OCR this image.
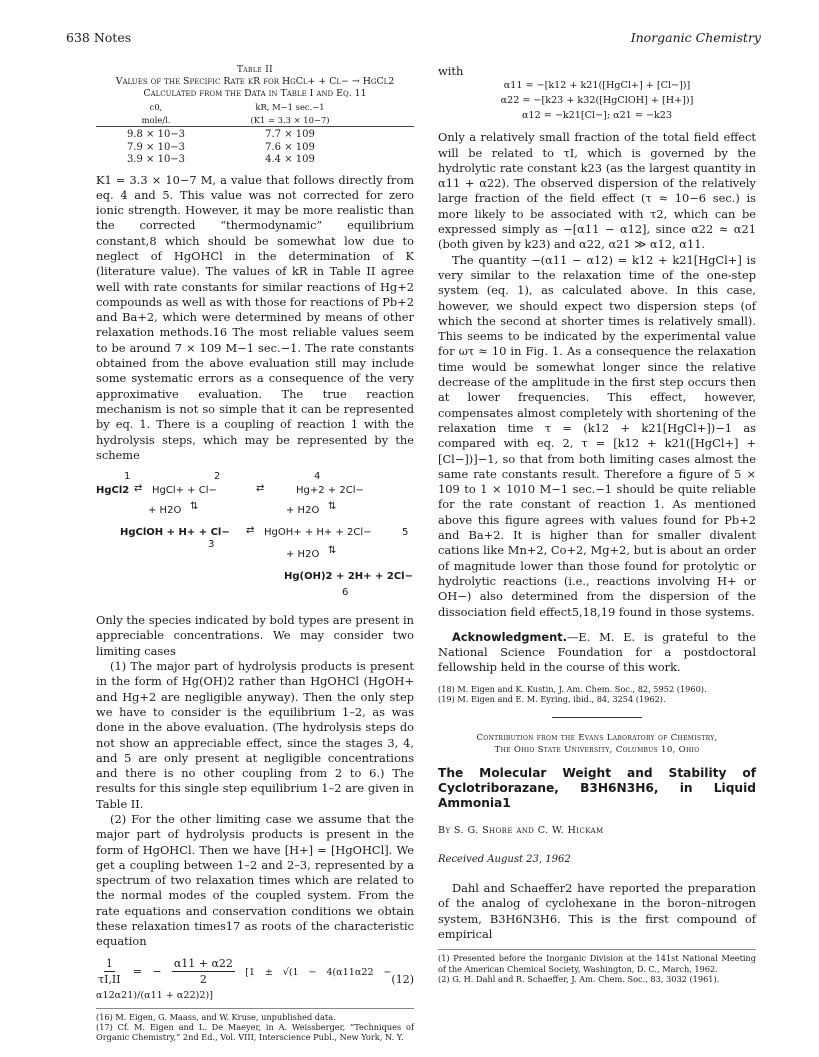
638 Notes	Inorganic Chemistry
Table II
Values of the Specific Rate kR for HgCl+ + Cl− → HgCl2
Calculated from the Data in Table I and Eq. 11
c0,	kR, M−1 sec.−1
mole/l.	(K1 = 3.3 × 10−7)
9.8 × 10−3	7.7 × 109
7.9 × 10−3	7.6 × 109
3.9 × 10−3	4.4 × 109

K1 = 3.3 × 10−7 M, a value that follows directly from eq. 4 and 5. This value was not corrected for zero ionic strength. However, it may be more realistic than the corrected “thermodynamic” equilibrium constant,8 which should be somewhat low due to neglect of HgOHCl in the determination of K (literature value). The values of kR in Table II agree well with rate constants for similar reactions of Hg+2 compounds as well as with those for reactions of Pb+2 and Ba+2, which were determined by means of other relaxation methods.16 The most reliable values seem to be around 7 × 109 M−1 sec.−1. The rate constants obtained from the above evaluation still may include some systematic errors as a consequence of the very approximative evaluation. The true reaction mechanism is not so simple that it can be represented by eq. 1. There is a coupling of reaction 1 with the hydrolysis steps, which may be represented by the scheme

1	2	4
HgCl2 ⇄ HgCl+ + Cl−	⇄	Hg+2 + 2Cl−
+ H2O ⇅	+ H2O ⇅
HgClOH + H+ + Cl− ⇄ HgOH+ + H+ + 2Cl−	5
3
+ H2O ⇅
Hg(OH)2 + 2H+ + 2Cl−
6

Only the species indicated by bold types are present in appreciable concentrations. We may consider two limiting cases

(1) The major part of hydrolysis products is present in the form of Hg(OH)2 rather than HgOHCl (HgOH+ and Hg+2 are negligible anyway). Then the only step we have to consider is the equilibrium 1–2, as was done in the above evaluation. (The hydrolysis steps do not show an appreciable effect, since the stages 3, 4, and 5 are only present at negligible concentrations and there is no other coupling from 2 to 6.) The results for this single step equilibrium 1–2 are given in Table II.

(2) For the other limiting case we assume that the major part of hydrolysis products is present in the form of HgOHCl. Then we have [H+] = [HgOHCl]. We get a coupling between 1–2 and 2–3, represented by a spectrum of two relaxation times which are related to the normal modes of the coupled system. From the rate equations and conservation conditions we obtain these relaxation times17 as roots of the characteristic equation

$\frac{1}{\tau I,II}$ = − $\frac{\alpha 11 + \alpha 22}{2} [1 \pm √(1 - 4(\alpha 11\alpha 22 - \alpha 12\alpha 21)/(\alpha 11 + \alpha 22)2)]$
(12)
(16) M. Eigen, G. Maass, and W. Kruse, unpublished data.
(17) Cf. M. Eigen and L. De Maeyer, in A. Weissberger, “Techniques of Organic Chemistry,” 2nd Ed., Vol. VIII, Interscience Publ., New York, N. Y.

with

α11 = −[k12 + k21([HgCl+] + [Cl−])]
α22 = −[k23 + k32([HgClOH] + [H+])]
α12 = −k21[Cl−]; α21 = −k23

Only a relatively small fraction of the total field effect will be related to τI, which is governed by the hydrolytic rate constant k23 (as the largest quantity in α11 + α22). The observed dispersion of the relatively large fraction of the field effect (τ ≈ 10−6 sec.) is more likely to be associated with τ2, which can be expressed simply as −[α11 − α12], since α22 ≈ α21 (both given by k23) and α22, α21 ≫ α12, α11.

The quantity −(α11 − α12) = k12 + k21[HgCl+] is very similar to the relaxation time of the one-step system (eq. 1), as calculated above. In this case, however, we should expect two dispersion steps (of which the second at shorter times is relatively small). This seems to be indicated by the experimental value for ωτ ≈ 10 in Fig. 1. As a consequence the relaxation time would be somewhat longer since the relative decrease of the amplitude in the first step occurs then at lower frequencies. This effect, however, compensates almost completely with shortening of the relaxation time τ = (k12 + k21[HgCl+])−1 as compared with eq. 2, τ = [k12 + k21([HgCl+] + [Cl−])]−1, so that from both limiting cases almost the same rate constants result. Therefore a figure of 5 × 109 to 1 × 1010 M−1 sec.−1 should be quite reliable for the rate constant of reaction 1. As mentioned above this figure agrees with values found for Pb+2 and Ba+2. It is higher than for smaller divalent cations like Mn+2, Co+2, Mg+2, but is about an order of magnitude lower than those found for protolytic or hydrolytic reactions (i.e., reactions involving H+ or OH−) also determined from the dispersion of the dissociation field effect5,18,19 found in those systems.

Acknowledgment.—E. M. E. is grateful to the National Science Foundation for a postdoctoral fellowship held in the course of this work.

(18) M. Eigen and K. Kustin, J. Am. Chem. Soc., 82, 5952 (1960).
(19) M. Eigen and E. M. Eyring, ibid., 84, 3254 (1962).
Contribution from the Evans Laboratory of Chemistry,
The Ohio State University, Columbus 10, Ohio
The Molecular Weight and Stability of Cyclotriborazane, B3H6N3H6, in Liquid Ammonia1
By S. G. Shore and C. W. Hickam
Received August 23, 1962

Dahl and Schaeffer2 have reported the preparation of the analog of cyclohexane in the boron–nitrogen system, B3H6N3H6. This is the first compound of empirical

(1) Presented before the Inorganic Division at the 141st National Meeting of the American Chemical Society, Washington, D. C., March, 1962.
(2) G. H. Dahl and R. Schaeffer, J. Am. Chem. Soc., 83, 3032 (1961).
